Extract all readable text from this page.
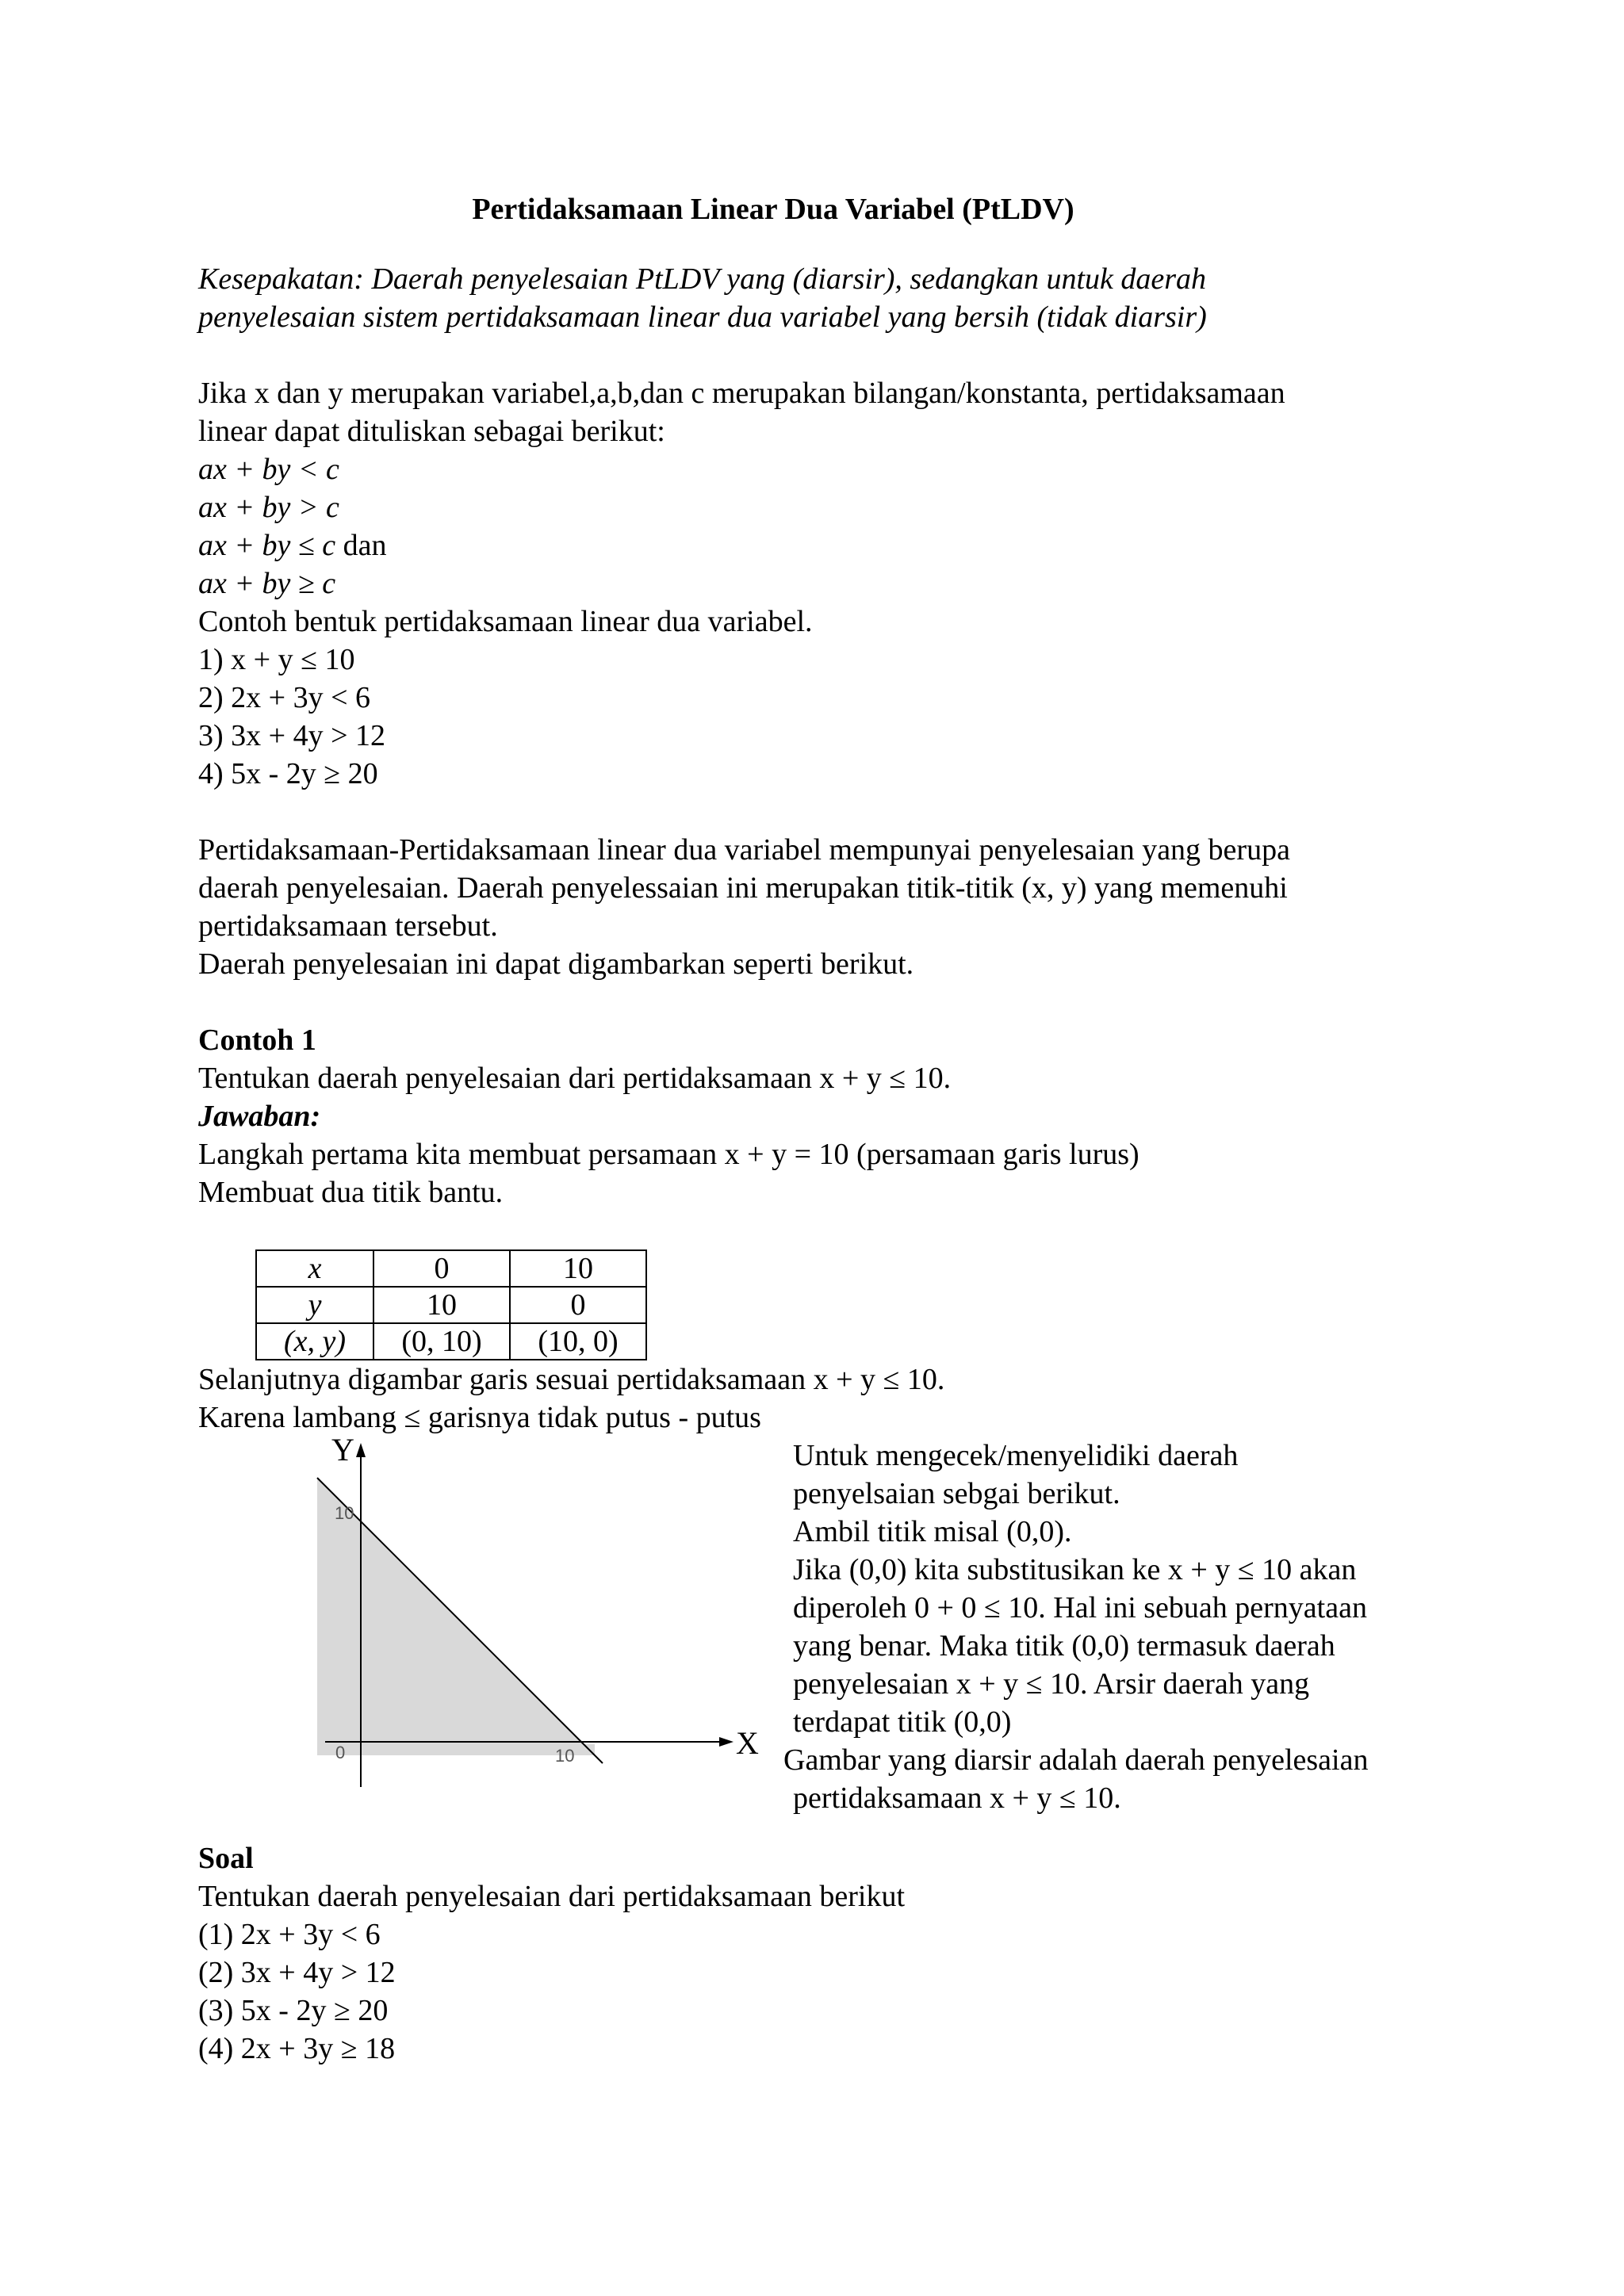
Pertidaksamaan Linear Dua Variabel (PtLDV)

Kesepakatan: Daerah penyelesaian PtLDV yang (diarsir), sedangkan untuk daerah

penyelesaian sistem pertidaksamaan linear dua variabel yang bersih (tidak diarsir)

Jika x dan y merupakan variabel,a,b,dan c merupakan bilangan/konstanta, pertidaksamaan

linear dapat dituliskan sebagai berikut:

ax + by < c

ax + by > c

ax + by ≤ c dan

ax + by ≥ c

Contoh bentuk pertidaksamaan linear dua variabel.

1) x + y ≤ 10

2) 2x + 3y < 6

3) 3x + 4y > 12

4) 5x - 2y ≥ 20

Pertidaksamaan-Pertidaksamaan linear dua variabel mempunyai penyelesaian yang berupa

daerah penyelesaian. Daerah penyelessaian ini merupakan titik-titik (x, y) yang memenuhi

pertidaksamaan tersebut.

Daerah penyelesaian ini dapat digambarkan seperti berikut.

Contoh 1

Tentukan daerah penyelesaian dari pertidaksamaan x + y ≤ 10.

Jawaban:

Langkah pertama kita membuat persamaan x + y = 10 (persamaan garis lurus)

Membuat dua titik bantu.

x	0	10
y	10	0
(x, y)	(0, 10)	(10, 0)

Selanjutnya digambar garis sesuai pertidaksamaan x + y ≤ 10.

Karena lambang ≤ garisnya tidak putus - putus

Y
X
10
0	10

Untuk mengecek/menyelidiki daerah

penyelsaian sebgai berikut.

Ambil titik misal (0,0).

Jika (0,0) kita substitusikan ke x + y ≤ 10 akan

diperoleh 0 + 0 ≤ 10. Hal ini sebuah pernyataan

yang benar. Maka titik (0,0) termasuk daerah

penyelesaian x + y ≤ 10. Arsir daerah yang

terdapat titik (0,0)

Gambar yang diarsir adalah daerah penyelesaian

pertidaksamaan x + y ≤ 10.

Soal

Tentukan daerah penyelesaian dari pertidaksamaan berikut

(1) 2x + 3y < 6

(2) 3x + 4y > 12

(3) 5x - 2y ≥ 20

(4) 2x + 3y ≥ 18
